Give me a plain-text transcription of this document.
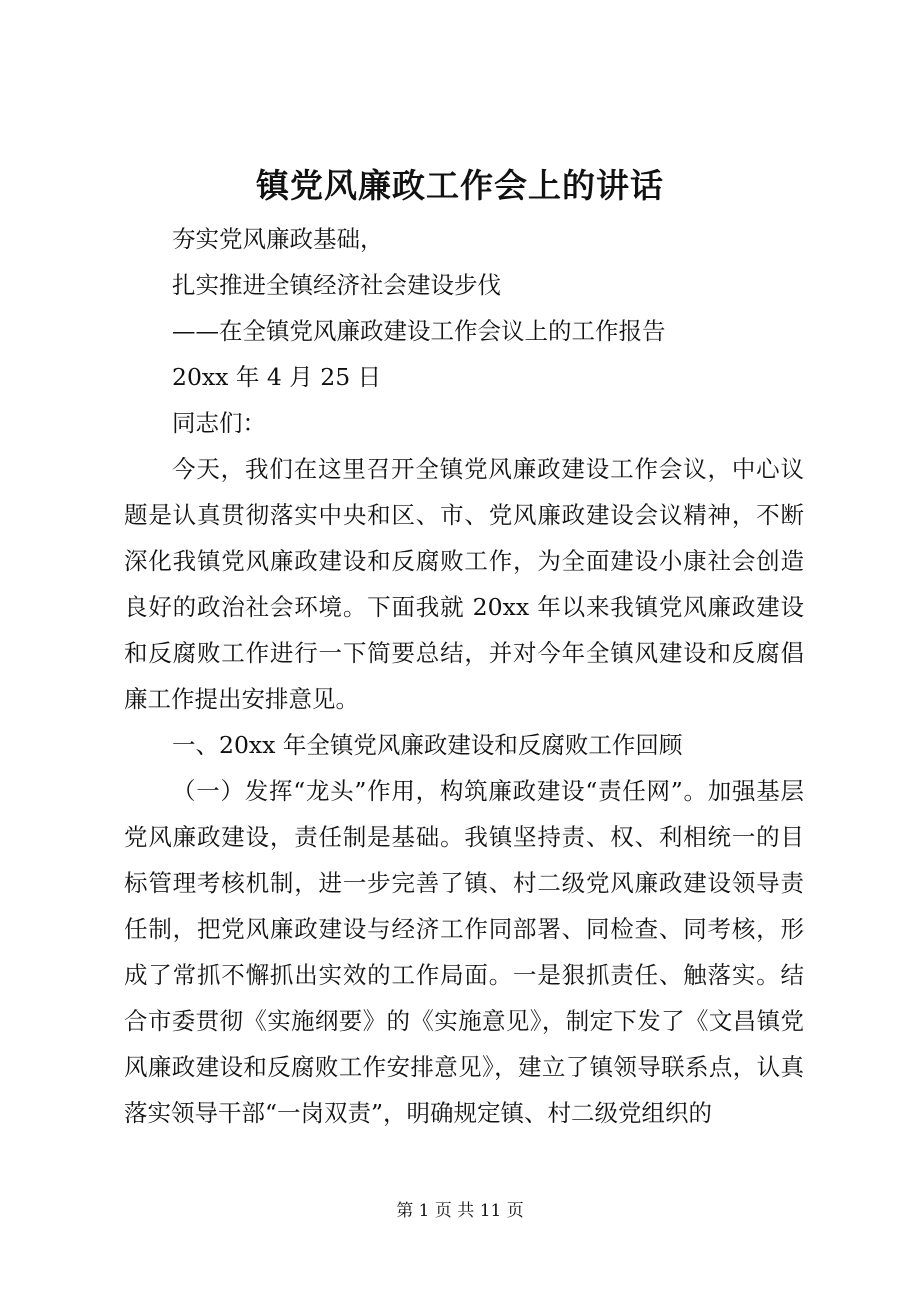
镇党风廉政工作会上的讲话

夯实党风廉政基础，

扎实推进全镇经济社会建设步伐

——在全镇党风廉政建设工作会议上的工作报告

20xx 年 4 月 25 日

同志们：

今天，我们在这里召开全镇党风廉政建设工作会议，中心议题是认真贯彻落实中央和区、市、党风廉政建设会议精神，不断深化我镇党风廉政建设和反腐败工作，为全面建设小康社会创造良好的政治社会环境。下面我就 20xx 年以来我镇党风廉政建设和反腐败工作进行一下简要总结，并对今年全镇风建设和反腐倡廉工作提出安排意见。

一、20xx 年全镇党风廉政建设和反腐败工作回顾

（一）发挥“龙头”作用，构筑廉政建设“责任网”。加强基层党风廉政建设，责任制是基础。我镇坚持责、权、利相统一的目标管理考核机制，进一步完善了镇、村二级党风廉政建设领导责任制，把党风廉政建设与经济工作同部署、同检查、同考核，形成了常抓不懈抓出实效的工作局面。一是狠抓责任、触落实。结合市委贯彻《实施纲要》的《实施意见》，制定下发了《文昌镇党风廉政建设和反腐败工作安排意见》，建立了镇领导联系点，认真落实领导干部“一岗双责”，明确规定镇、村二级党组织的

第 1 页 共 11 页
